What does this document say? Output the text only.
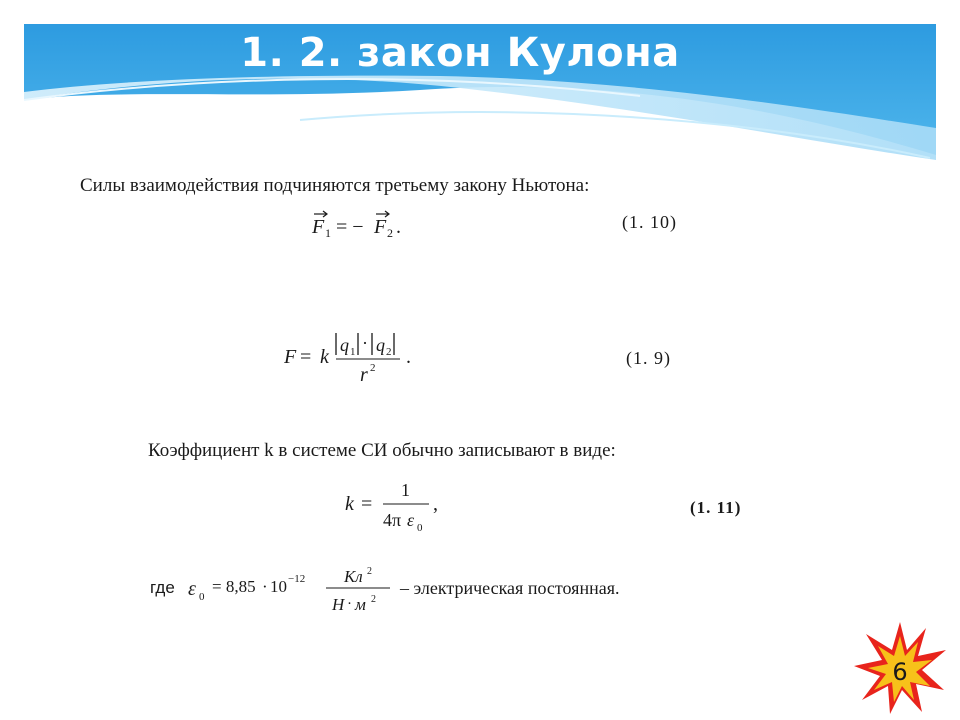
1. 2. закон Кулона
Силы взаимодействия подчиняются третьему закону Ньютона:
F 1 = − F 2 .	(1. 10)
F = k
q 1 · q 2
r 2 .	(1. 9)
Коэффициент k в системе СИ обычно записывают в виде:
k =
1
4π ε 0
,	(1. 11)
где ε 0
= 8,85 · 10 −12 Кл 2
Н · м 2
– электрическая постоянная.
6
